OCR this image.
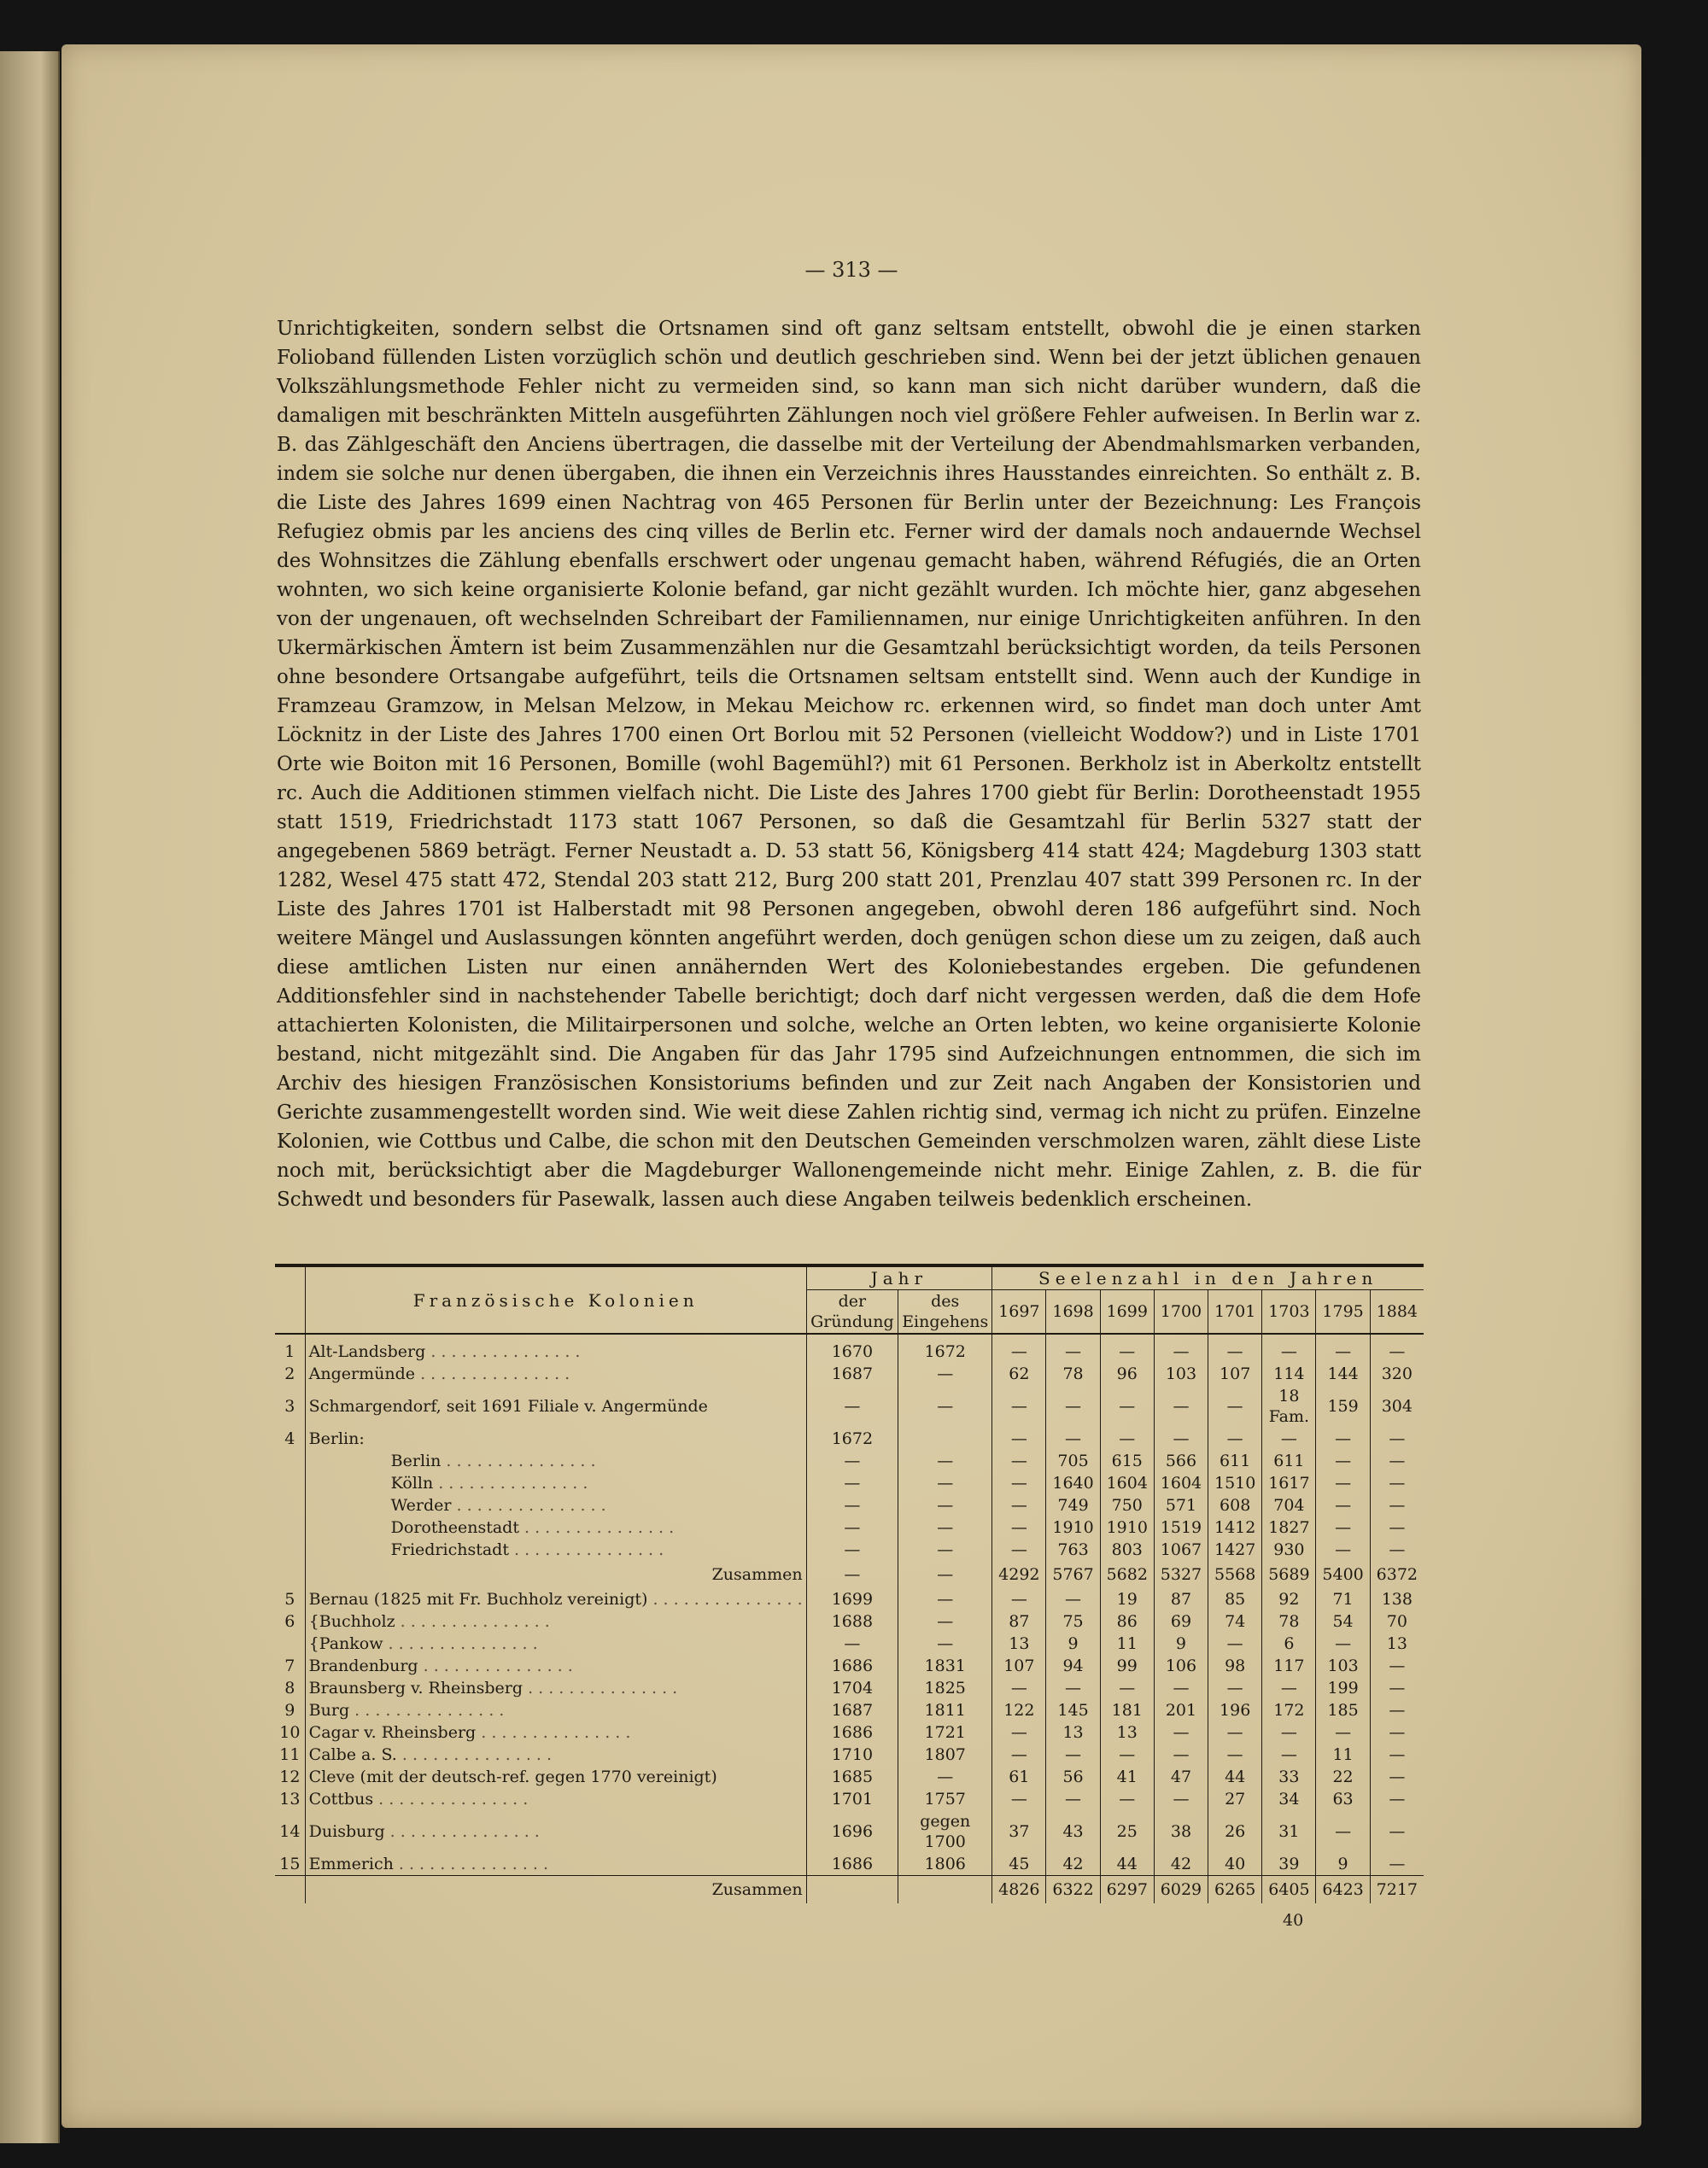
— 313 —

Unrichtigkeiten, sondern selbst die Ortsnamen sind oft ganz seltsam entstellt, obwohl die je einen starken Folioband füllenden Listen vorzüglich schön und deutlich geschrieben sind. Wenn bei der jetzt üblichen genauen Volkszählungsmethode Fehler nicht zu vermeiden sind, so kann man sich nicht darüber wundern, daß die damaligen mit beschränkten Mitteln ausgeführten Zählungen noch viel größere Fehler aufweisen. In Berlin war z. B. das Zählgeschäft den Anciens übertragen, die dasselbe mit der Verteilung der Abendmahlsmarken verbanden, indem sie solche nur denen übergaben, die ihnen ein Verzeichnis ihres Hausstandes einreichten. So enthält z. B. die Liste des Jahres 1699 einen Nachtrag von 465 Personen für Berlin unter der Bezeichnung: Les François Refugiez obmis par les anciens des cinq villes de Berlin etc. Ferner wird der damals noch andauernde Wechsel des Wohnsitzes die Zählung ebenfalls erschwert oder ungenau gemacht haben, während Réfugiés, die an Orten wohnten, wo sich keine organisierte Kolonie befand, gar nicht gezählt wurden. Ich möchte hier, ganz abgesehen von der ungenauen, oft wechselnden Schreibart der Familiennamen, nur einige Unrichtigkeiten anführen. In den Ukermärkischen Ämtern ist beim Zusammenzählen nur die Gesamtzahl berücksichtigt worden, da teils Personen ohne besondere Ortsangabe aufgeführt, teils die Ortsnamen seltsam entstellt sind. Wenn auch der Kundige in Framzeau Gramzow, in Melsan Melzow, in Mekau Meichow rc. erkennen wird, so findet man doch unter Amt Löcknitz in der Liste des Jahres 1700 einen Ort Borlou mit 52 Personen (vielleicht Woddow?) und in Liste 1701 Orte wie Boiton mit 16 Personen, Bomille (wohl Bagemühl?) mit 61 Personen. Berkholz ist in Aberkoltz entstellt rc. Auch die Additionen stimmen vielfach nicht. Die Liste des Jahres 1700 giebt für Berlin: Dorotheenstadt 1955 statt 1519, Friedrichstadt 1173 statt 1067 Personen, so daß die Gesamtzahl für Berlin 5327 statt der angegebenen 5869 beträgt. Ferner Neustadt a. D. 53 statt 56, Königsberg 414 statt 424; Magdeburg 1303 statt 1282, Wesel 475 statt 472, Stendal 203 statt 212, Burg 200 statt 201, Prenzlau 407 statt 399 Personen rc. In der Liste des Jahres 1701 ist Halberstadt mit 98 Personen angegeben, obwohl deren 186 aufgeführt sind. Noch weitere Mängel und Auslassungen könnten angeführt werden, doch genügen schon diese um zu zeigen, daß auch diese amtlichen Listen nur einen annähernden Wert des Koloniebestandes ergeben. Die gefundenen Additionsfehler sind in nachstehender Tabelle berichtigt; doch darf nicht vergessen werden, daß die dem Hofe attachierten Kolonisten, die Militairpersonen und solche, welche an Orten lebten, wo keine organisierte Kolonie bestand, nicht mitgezählt sind. Die Angaben für das Jahr 1795 sind Aufzeichnungen entnommen, die sich im Archiv des hiesigen Französischen Konsistoriums befinden und zur Zeit nach Angaben der Konsistorien und Gerichte zusammengestellt worden sind. Wie weit diese Zahlen richtig sind, vermag ich nicht zu prüfen. Einzelne Kolonien, wie Cottbus und Calbe, die schon mit den Deutschen Gemeinden verschmolzen waren, zählt diese Liste noch mit, berücksichtigt aber die Magdeburger Wallonengemeinde nicht mehr. Einige Zahlen, z. B. die für Schwedt und besonders für Pasewalk, lassen auch diese Angaben teilweis bedenklich erscheinen.

	Französische Kolonien	Jahr		Seelenzahl in den Jahren							
		der Gründung	des Eingehens	1697	1698	1699	1700	1701	1703	1795	1884
1	Alt-Landsberg . . . . . . . . . . . . . . .	1670	1672	—	—	—	—	—	—	—	—
2	Angermünde . . . . . . . . . . . . . . .	1687	—	62	78	96	103	107	114	144	320
3	Schmargendorf, seit 1691 Filiale v. Angermünde	—	—	—	—	—	—	—	18 Fam.	159	304
4	Berlin:	1672		—	—	—	—	—	—	—	—
	Berlin . . . . . . . . . . . . . . .	—	—	—	705	615	566	611	611	—	—
	Kölln . . . . . . . . . . . . . . .	—	—	—	1640	1604	1604	1510	1617	—	—
	Werder . . . . . . . . . . . . . . .	—	—	—	749	750	571	608	704	—	—
	Dorotheenstadt . . . . . . . . . . . . . . .	—	—	—	1910	1910	1519	1412	1827	—	—
	Friedrichstadt . . . . . . . . . . . . . . .	—	—	—	763	803	1067	1427	930	—	—
	Zusammen	—	—	4292	5767	5682	5327	5568	5689	5400	6372
5	Bernau (1825 mit Fr. Buchholz vereinigt) . . . . . . . . . . . . . . .	1699	—	—	—	19	87	85	92	71	138
6	{Buchholz . . . . . . . . . . . . . . .	1688	—	87	75	86	69	74	78	54	70
	{Pankow . . . . . . . . . . . . . . .	—	—	13	9	11	9	—	6	—	13
7	Brandenburg . . . . . . . . . . . . . . .	1686	1831	107	94	99	106	98	117	103	—
8	Braunsberg v. Rheinsberg . . . . . . . . . . . . . . .	1704	1825	—	—	—	—	—	—	199	—
9	Burg . . . . . . . . . . . . . . .	1687	1811	122	145	181	201	196	172	185	—
10	Cagar v. Rheinsberg . . . . . . . . . . . . . . .	1686	1721	—	13	13	—	—	—	—	—
11	Calbe a. S. . . . . . . . . . . . . . . .	1710	1807	—	—	—	—	—	—	11	—
12	Cleve (mit der deutsch-ref. gegen 1770 vereinigt)	1685	—	61	56	41	47	44	33	22	—
13	Cottbus . . . . . . . . . . . . . . .	1701	1757	—	—	—	—	27	34	63	—
14	Duisburg . . . . . . . . . . . . . . .	1696	gegen 1700	37	43	25	38	26	31	—	—
15	Emmerich . . . . . . . . . . . . . . .	1686	1806	45	42	44	42	40	39	9	—
	Zusammen			4826	6322	6297	6029	6265	6405	6423	7217
40
